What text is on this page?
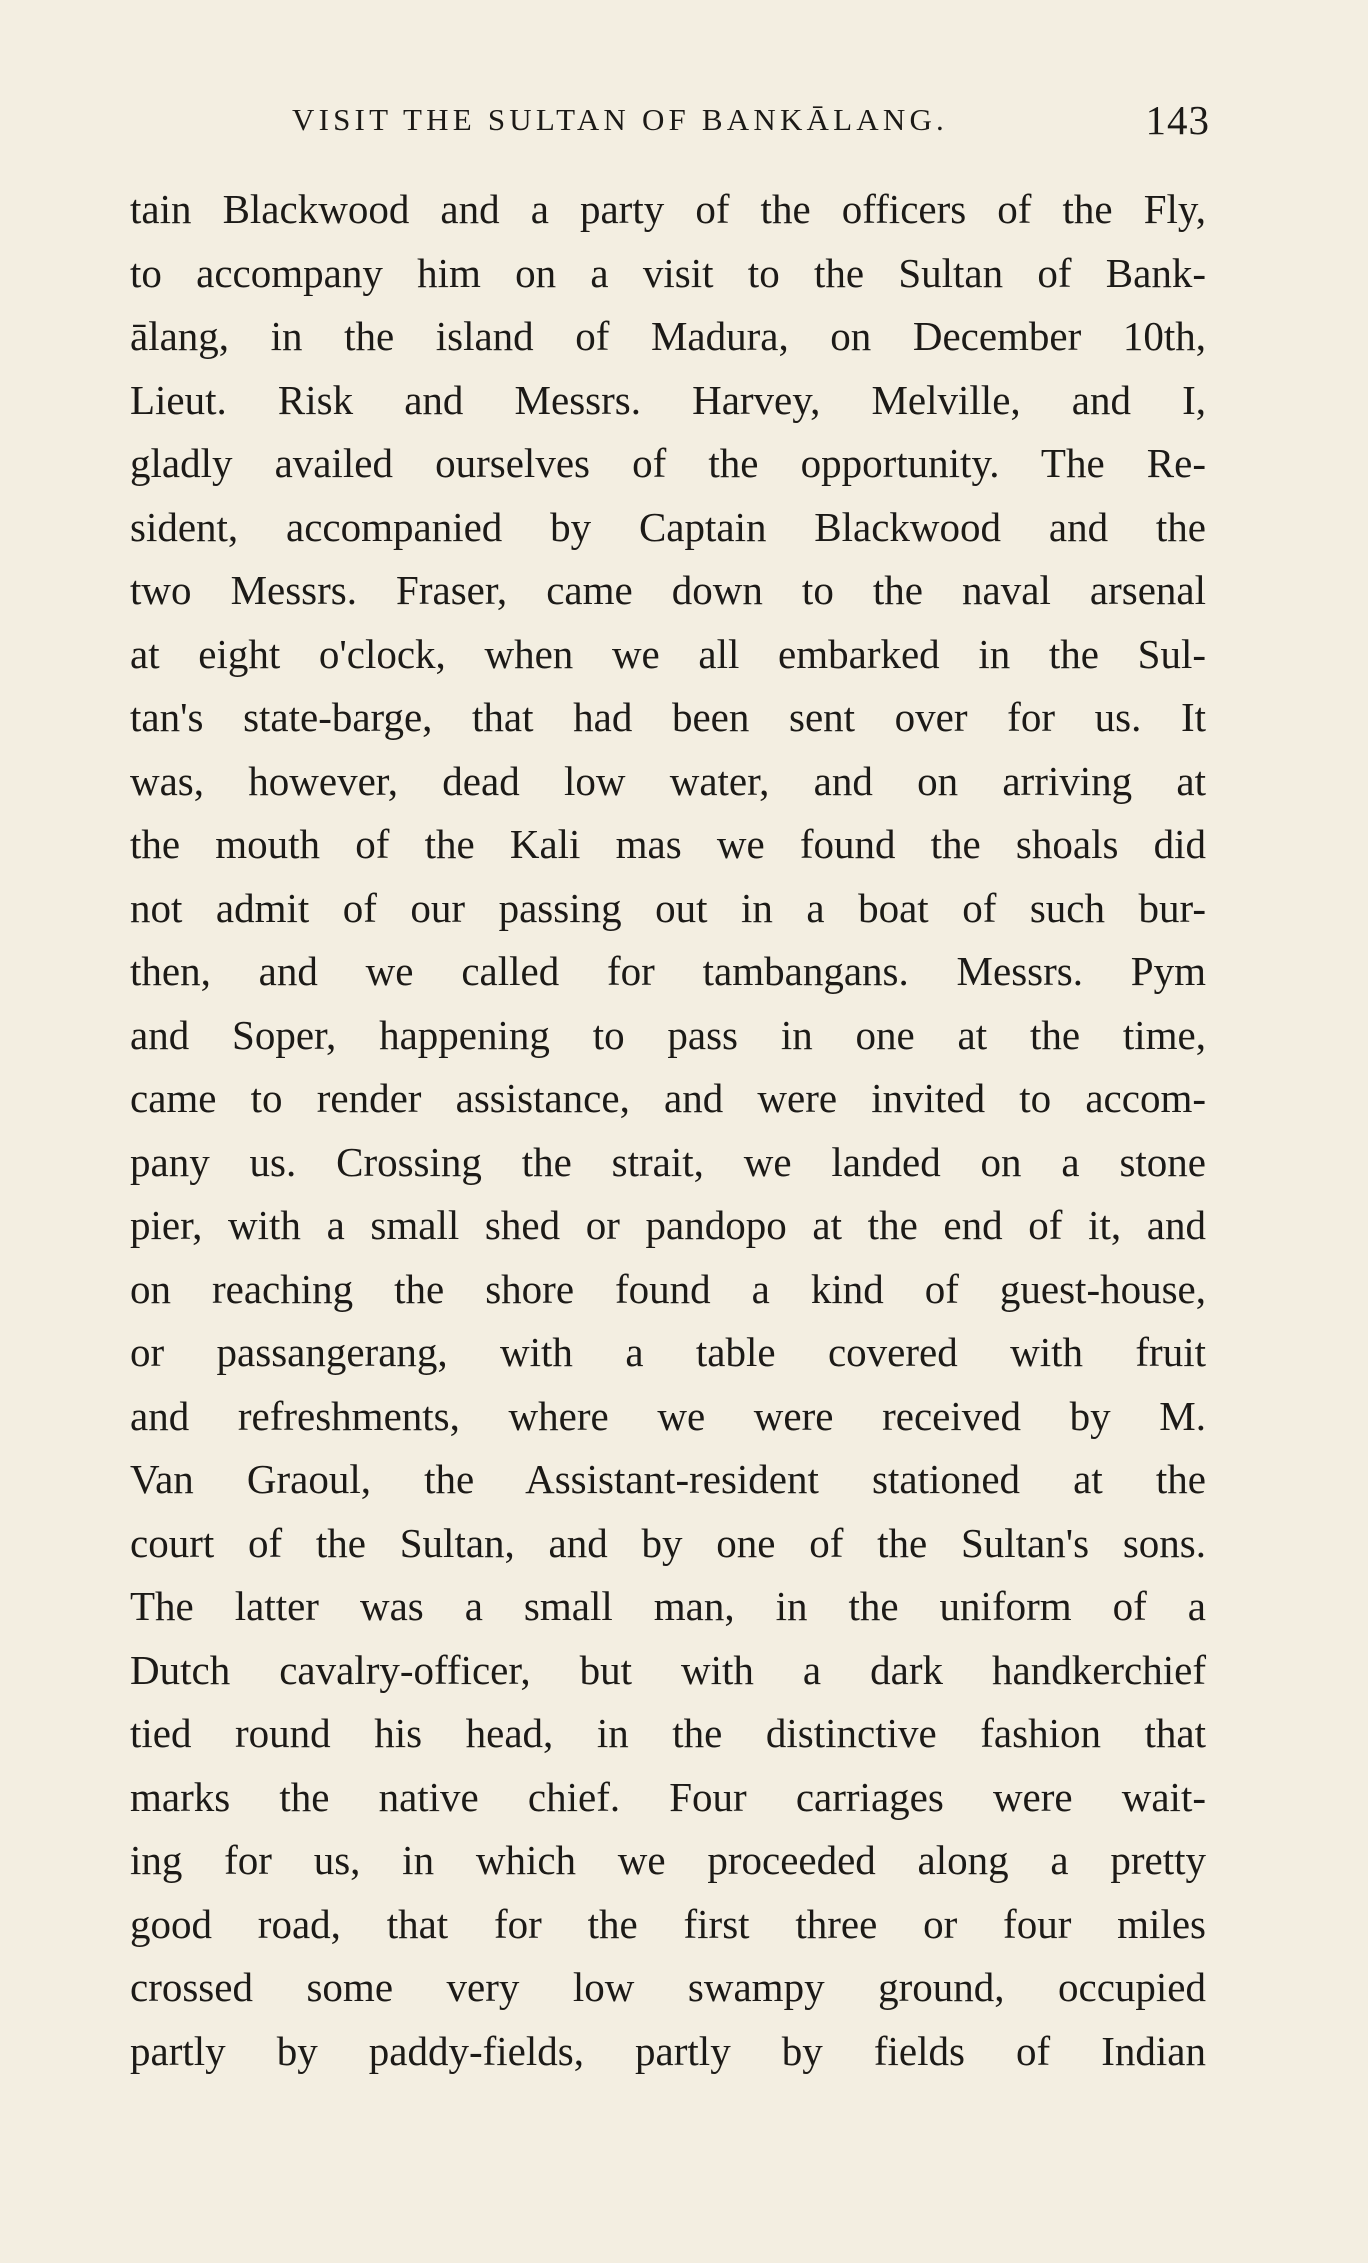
VISIT THE SULTAN OF BANKĀLANG.	143
tain Blackwood and a party of the officers of the Fly,
to accompany him on a visit to the Sultan of Bank-
ālang, in the island of Madura, on December 10th,
Lieut. Risk and Messrs. Harvey, Melville, and I,
gladly availed ourselves of the opportunity. The Re-
sident, accompanied by Captain Blackwood and the
two Messrs. Fraser, came down to the naval arsenal
at eight o'clock, when we all embarked in the Sul-
tan's state-barge, that had been sent over for us. It
was, however, dead low water, and on arriving at
the mouth of the Kali mas we found the shoals did
not admit of our passing out in a boat of such bur-
then, and we called for tambangans. Messrs. Pym
and Soper, happening to pass in one at the time,
came to render assistance, and were invited to accom-
pany us. Crossing the strait, we landed on a stone
pier, with a small shed or pandopo at the end of it, and
on reaching the shore found a kind of guest-house,
or passangerang, with a table covered with fruit
and refreshments, where we were received by M.
Van Graoul, the Assistant-resident stationed at the
court of the Sultan, and by one of the Sultan's sons.
The latter was a small man, in the uniform of a
Dutch cavalry-officer, but with a dark handkerchief
tied round his head, in the distinctive fashion that
marks the native chief. Four carriages were wait-
ing for us, in which we proceeded along a pretty
good road, that for the first three or four miles
crossed some very low swampy ground, occupied
partly by paddy-fields, partly by fields of Indian
